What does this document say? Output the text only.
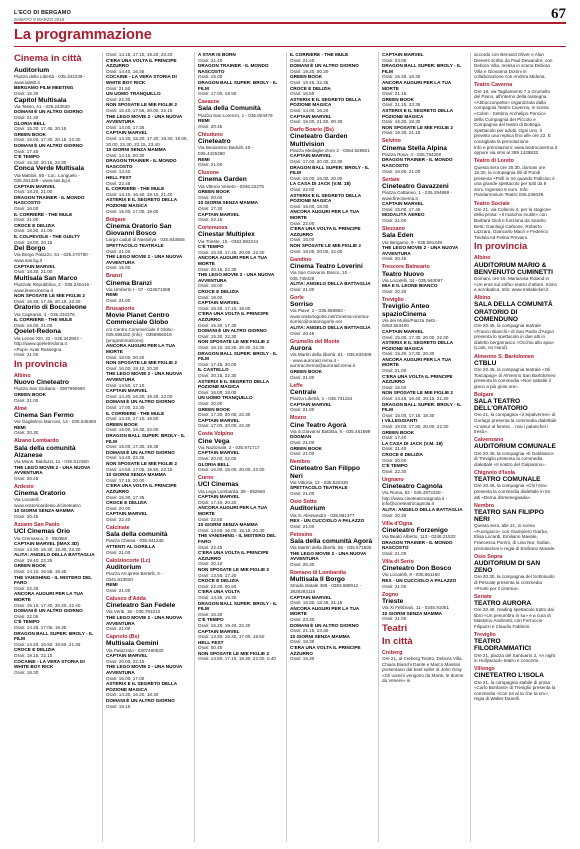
L'ECO DI BERGAMO
SABATO 9 MARZO 2019	67
La programmazione
Cinema in città
Auditorium
Piazza della Libertà - 035.342239 - www.lab80.it
BERGAMO FILM MEETING
Orari: 15.30
Capitol Multisala
Via Tasso, 41 - 035.243530
DOMANI È UN ALTRO GIORNO
Orari: 21.30
GLORIA BELL
Orari: 15.30, 17.45, 20.15
GREEN BOOK
Orari: 15.00, 17.30, 20.15, 22.30
DOMANI È UN ALTRO GIORNO
Orari: 17.45
C'È TEMPO
Orari: 15.30, 20.15, 22.30
Conca Verde Multisala
Via Mattioli, 65 - Loc. Longuelo - 035.251339 - www.sas.bg.it
CAPTAIN MARVEL
Orari: 18.20, 21.00
DRAGON TRAINER - IL MONDO NASCOSTO
Orari: 16.00
IL CORRIERE - THE MULE
Orari: 21.00
CROCE E DELIZIA
Orari: 18.30, 21.00
IL COLPEVOLE - THE GUILTY
Orari: 18.00, 20.15
Del Borgo
Via Borgo Palazzo, 51 - 035.270780 - www.sas.bg.it
CAPTAIN MARVEL
Orari: 18.30, 21.00
Multisala San Marco
Piazzale Repubblica, 2 - 035.240416 - www.lineecinema.it
NON SPOSATE LE MIE FIGLIE 2
Orari: 15.30, 17.45, 20.15, 22.30
Oratorio di Boccaleone
Via Capitanio, 4 - 035.310376
IL CORRIERE - THE MULE
Orari: 16.00, 21.00
Qoelet-Redona
Via Leone XIII, 22 - 035.343904 - http://www.qoeletredona.it
«Pupi» Avati Rassegna
Orari: 21.00
In provincia
Albino
Nuovo Cineteatro
Piazza San Giuliano - 3387990560
GREEN BOOK
Orari: 21.00
Almè
Cinema San Fermo
Via Gaglielmo Marconi, 14 - 035.545360
REMI
Orari: 20.30
Alzano Lombardo
Sala della comunità Alzanese
Via Mons. Balduzzi, 11 - 035.512360
THE LEGO MOVIE 2 - UNA NUOVA AVVENTURA
Orari: 20.45
Ardesio
Cinema Oratorio
Via Locatelli - www.oratorioardesio.it/cineteatro
10 GIORNI SENZA MAMMA
Orari: 20.45
Azzano San Paolo
UCI Cinemas Orio
Via Cremasca, 2 - 892960
CAPTAIN MARVEL (IMAX 3D)
Orari: 13.30, 16.30, 19.30, 22.30
ALITA: ANGELO DELLA BATTAGLIA
Orari: 19.40, 22.25
GREEN BOOK
Orari: 14.10, 16.55, 19.45
THE VANISHING - IL MISTERO DEL FARO
Orari: 22.35
ANCORA AUGURI PER LA TUA MORTE
Orari: 15.10, 17.40, 20.20, 22.40
DOMANI È UN ALTRO GIORNO
Orari: 22.05
C'È TEMPO
Orari: 14.25, 17.05, 19.35
DRAGON BALL SUPER: BROLY - IL FILM
Orari: 14.20, 16.50, 19.50, 21.35
CROCE E DELIZIA
Orari: 19.15, 22.10
COCAINE - LA VERA STORIA DI WHITE BOY RICK
Orari: 18.30
Orari: 14.15, 17.10, 19.20, 22.20
C'ERA UNA VOLTA IL PRINCIPE AZZURRO
Orari: 14.40, 16.45
COCAINE - LA VERA STORIA DI WHITE BOY RICK
Orari: 21.50
UN UOMO TRANQUILLO
Orari: 22.30
NON SPOSATE LE MIE FIGLIE 2
Orari: 15.40, 17.55, 20.00, 22.15
THE LEGO MOVIE 2 - UNA NUOVA AVVENTURA
Orari: 14.00, 17.25
CAPTAIN MARVEL
Orari: 14.30, 15.30, 17.30, 18.30, 19.00, 20.00, 21.30, 22.15, 23.40
10 GIORNI SENZA MAMMA
Orari: 14.15, 20.30
DRAGON TRAINER - IL MONDO NASCOSTO
Orari: 13.40
HELL FEST
Orari: 22.45
IL CORRIERE - THE MULE
Orari: 14.10, 16.40, 19.10, 21.40
ASTERIX E IL SEGRETO DELLA POZIONE MAGICA
Orari: 15.00, 17.00, 19.00
Bolgare
Cinema Oratorio San Giovanni Bosco
Largo caduti di Nassiriya - 035.843555
SPETTACOLO TEATRALE
Orari: 21.00
THE LEGO MOVIE 2 - UNA NUOVA AVVENTURA
Orari: 15.00
Branzi
Cinema Branzi
Via Umberto I - 07 - 034571088
REMI
Orari: 21.00
Brusaporto
Movie Planet Centro Commerciale Globo
c/o Centro Commerciale Il Globo - 035.695182 (info) - 0356956516 (programmazione)
ANCORA AUGURI PER LA TUA MORTE
Orari: 18.00, 20.20
NON SPOSATE LE MIE FIGLIE 2
Orari: 16.00, 18.10, 20.30
THE LEGO MOVIE 2 - UNA NUOVA AVVENTURA
Orari: 14.50, 17.10
CAPTAIN MARVEL
Orari: 14.30, 16.20, 19.20, 22.00
DOMANI È UN ALTRO GIORNO
Orari: 17.00, 22.30
IL CORRIERE - THE MULE
Orari: 14.20, 17.10, 19.50
GREEN BOOK
Orari: 15.00, 19.30, 22.00
DRAGON BALL SUPER: BROLY - IL FILM
Orari: 15.00, 17.30, 19.35
DOMANI È UN ALTRO GIORNO
Orari: 14.40, 22.25
NON SPOSATE LE MIE FIGLIE 2
Orari: 14.50, 17.05, 19.50, 22.15
10 GIORNI SENZA MAMMA
Orari: 17.15, 20.00
C'ERA UNA VOLTA IL PRINCIPE AZZURRO
Orari: 15.30, 17.35
CROCE E DELIZIA
Orari: 20.00
CAPTAIN MARVEL
Orari: 22.40
Calcinate
Sala della comunità
Piazza Chiesa - 035.841245
ATTENTI AL GORILLA
Orari: 21.00
Calolziocorte (Lc)
Auditorium
Piazza Arciprete Bertelli, 3 - 0341.633820
REMI
Orari: 21.00
Calusco d'Adda
Cineteatro San Fedele
Via Verdi, 18 - 035.791010
THE LEGO MOVIE 2 - UNA NUOVA AVVENTURA
Orari: 21.00
Capriolo (Bs)
Multisala Gemini
Via Palazzolo - 0307460530
CAPTAIN MARVEL
Orari: 20.00, 22.15
THE LEGO MOVIE 2 - UNA NUOVA AVVENTURA
Orari: 15.00, 17.00
ASTERIX E IL SEGRETO DELLA POZIONE MAGICA
Orari: 14.30, 16.20, 18.40
DOMANI È UN ALTRO GIORNO
Orari: 18.15
A STAR IS BORN
Orari: 21.40
DRAGON TRAINER - IL MONDO NASCOSTO
Orari: 15.00
DRAGON BALL SUPER: BROLY - IL FILM
Orari: 17.00, 19.50
Casazza
Sala della Comunità
Piazza San Lorenzo, 1 - 035.824479
REMI
Orari: 20.45
Chiuduno
Cineteatro
Via Beniamino Bedulli, 40 - 035.4425390
REMI
Orari: 21.00
Clusone
Cinema Garden
Via Vittorio Veneto - 0346.22275
GREEN BOOK
Orari: 20.00
10 GIORNI SENZA MAMMA
Orari: 17.30
CAPTAIN MARVEL
Orari: 22.15
Cortenuova
Cinestar Multiplex
Via Trieste, 15 - 0363.992244
C'È TEMPO
Orari: 15.30, 17.45, 20.00, 22.30
ANCORA AUGURI PER LA TUA MORTE
Orari: 20.15, 22.30
THE LEGO MOVIE 2 - UNA NUOVA AVVENTURA
Orari: 16.00
CROCE E DELIZIA
Orari: 18.00
CAPTAIN MARVEL
Orari: 16.30, 17.15, 19.00
C'ERA UNA VOLTA IL PRINCIPE AZZURRO
Orari: 15.30, 17.30
DOMANI È UN ALTRO GIORNO
Orari: 15.30, 22.30
NON SPOSATE LE MIE FIGLIE 2
Orari: 16.10, 18.25, 20.30, 22.35
DRAGON BALL SUPER: BROLY - IL FILM
Orari: 17.45, 20.00
IL CASTELLO
Orari: 20.15, 22.30
ASTERIX E IL SEGRETO DELLA POZIONE MAGICA
Orari: 16.00, 18.00
UN UOMO TRANQUILLO
Orari: 20.00
GREEN BOOK
Orari: 17.30, 20.00, 22.30
CAPTAIN MARVEL
Orari: 17.00, 20.00, 22.30
Costa Volpino
Cine Vega
Via Nazionale, 2 - 035.971717
CAPTAIN MARVEL
Orari: 20.00, 22.00
GLORIA BELL
Orari: 16.00, 18.00, 20.00, 22.00
Curno
UCI Cinemas
Via Lega Lombarda, 39 - 892960
CAPTAIN MARVEL
Orari: 17.40, 20.20
ANCORA AUGURI PER LA TUA MORTE
Orari: 22.50
10 GIORNI SENZA MAMMA
Orari: 13.50, 16.00, 18.15, 20.30
THE VANISHING - IL MISTERO DEL FARO
Orari: 22.45
C'ERA UNA VOLTA IL PRINCIPE AZZURRO
Orari: 20.10
NON SPOSATE LE MIE FIGLIE 2
Orari: 13.55, 17.20
CROCE E DELIZIA
Orari: 22.30, 00.50
C'ERA UNA VOLTA
Orari: 14.35, 19.30
DRAGON BALL SUPER: BROLY - IL FILM
Orari: 16.30
C'È TEMPO
Orari: 16.20, 19.40, 22.20
CAPTAIN MARVEL
Orari: 13.30, 16.40, 17.00, 19.50
HELL FEST
Orari: 00.45
NON SPOSATE LE MIE FIGLIE 2
Orari: 14.50, 17.10, 19.30, 22.00, 0.40
IL CORRIERE - THE MULE
Orari: 21.40
DOMANI È UN ALTRO GIORNO
Orari: 19.20, 00.20
GREEN BOOK
Orari: 19.45, 22.35
CROCE E DELIZIA
Orari: 16.50
ASTERIX E IL SEGRETO DELLA POZIONE MAGICA
Orari: 14.00, 16.20
CAPTAIN MARVEL
Orari: 19.00, 21.50, 00.30
Darfo Boario (Bs)
Cineteatro Garden Multivision
Piazza Medaglie d'oro 2 - 0364.529501
CAPTAIN MARVEL
Orari: 17.00, 20.00, 22.30
DRAGON BALL SUPER: BROLY - IL FILM
Orari: 16.00, 18.00, 20.00
LA CASA DI JACK (V.M. 18)
Orari: 22.00
ASTERIX E IL SEGRETO DELLA POZIONE MAGICA
Orari: 16.00, 18.00
ANCORA AUGURI PER LA TUA MORTE
Orari: 22.00
C'ERA UNA VOLTA IL PRINCIPE AZZURRO
Orari: 16.00
NON SPOSATE LE MIE FIGLIE 2
Orari: 18.00, 20.00, 22.00
Gandino
Cinema Teatro Loverini
Via San Giovanni Bosco, 10 - 035.745425
ALITA: ANGELO DELLA BATTAGLIA
Orari: 21.00
Gorle
Sorriso
Via Piave, 2 - 035.656962 - www.oratoriogorle.net/Cinema-cinema-sorriso@oratoriogorle.net
ALITA: ANGELO DELLA BATTAGLIA
Orari: 20.45
Grumello del Monte
Aurora
Via Martiri della libertà, 61 - 035.833408 - www.auroraid.rema.it - auroracinema@auroraid.rema.it
GREEN BOOK
Orari: 21.00
Leffe
Centrale
Piazza Libertà, 1 - 035.731154
CAPTAIN MARVEL
Orari: 21.00
Mozzo
Cine Teatro Agorà
Via S.Giovanni Battista, 6 - 035.461699
DOGMAN
Orari: 21.00
GREEN BOOK
Orari: 21.00
Nembro
Cineteatro San Filippo Neri
Via Vittoria, 12 - 035.520430
SPETTACOLO TEATRALE
Orari: 21.00
Osio Sotto
Auditorium
Via S. Alessandro - 035.881377
REX - UN CUCCIOLO A PALAZZO
Orari: 21.00
Petosino
Sala della comunità Agorà
Via Martiri della libertà, 95 - 035.571536
THE LEGO MOVIE 2 - UNA NUOVA AVVENTURA
Orari: 20.30
Romano di Lombardia
Multisala Il Borgo
Strada statale 498 - 0363.688012 - 3928293116
CAPTAIN MARVEL
Orari: 16.30, 18.45, 21.15
ANCORA AUGURI PER LA TUA MORTE
Orari: 23.30
DOMANI È UN ALTRO GIORNO
Orari: 21.15, 23.30
10 GIORNI SENZA MAMMA
Orari: 18.30
C'ERA UNA VOLTA IL PRINCIPE AZZURRO
Orari: 16.30
CAPTAIN MARVEL
Orari: 23.05
DRAGON BALL SUPER: BROLY - IL FILM
Orari: 16.30, 18.30
ANCORA AUGURI PER LA TUA MORTE
Orari: 21.15
GREEN BOOK
Orari: 21.15, 23.35
ASTERIX E IL SEGRETO DELLA POZIONE MAGICA
Orari: 16.30, 18.30
NON SPOSATE LE MIE FIGLIE 2
Orari: 16.30, 21.15
Selvino
Cinema Stella Alpina
Piazza Rosa, 4 - 035.764250
DRAGON TRAINER - IL MONDO NASCOSTO
Orari: 16.00, 21.00
Seriate
Cineteatro Gavazzeni
Piazza Cattaneo, 1 - 035.294868 - www.firecinema.it
CAPTAIN MARVEL
Orari: 15.00, 17.45
MODALITÀ AEREO
Orari: 21.00
Stezzano
Sala Eden
Via Bergamo, 9 - 035.591449
THE LEGO MOVIE 2 - UNA NUOVA AVVENTURA
Orari: 20.45
Trescore Balneario
Teatro Nuovo
Via Locatelli, 34 - 035.940097
MIA E IL LEONE BIANCO
Orari: 20.30
Treviglio
Treviglio Anteo spazioCinema
Via dei Mulini/Piazza Setti - 0363.563400
CAPTAIN MARVEL
Orari: 15.00, 17.30, 20.00, 22.30
ASTERIX E IL SEGRETO DELLA POZIONE MAGICA
Orari: 15.30, 17.30, 20.30
ANCORA AUGURI PER LA TUA MORTE
Orari: 21.00
C'ERA UNA VOLTA IL PRINCIPE AZZURRO
Orari: 15.00
NON SPOSATE LE MIE FIGLIE 2
Orari: 14.45, 16.40, 20.15, 21.30
DRAGON BALL SUPER: BROLY - IL FILM
Orari: 15.00, 17.15, 19.30
I VILLEGGIANTI
Orari: 15.00, 17.30, 20.00, 22.30
GREEN BOOK
Orari: 17.40
LA CASA DI JACK (V.M. 18)
Orari: 21.40
CROCE E DELIZIA
Orari: 20.00
C'È TEMPO
Orari: 22.30
Urgnano
Cineteatro Cagnola
Via Roma, 82 - 035.4872228 - http://www.cineteatrocagnola.it - info@cineteatrocagnola.it
ALITA: ANGELO DELLA BATTAGLIA
Orari: 20.30
Villa d'Ogna
Cineteatro Forzenigo
Via Beato Alberto, 113 - 0346.21532
DRAGON TRAINER - IL MONDO NASCOSTO
Orari: 21.00
Villa di Serio
Cineteatro Don Bosco
Via Locatelli, 9 - 035.661160
REX - UN CUCCIOLO A PALAZZO
Orari: 21.00
Zogno
Trieste
Via Xi Febbraio, 11 - 0345.91051
10 GIORNI SENZA MAMMA
Orari: 21.00
Teatri
In città
Creberg
Ore 21, al Creberg Teatro, Debora Villa, Chiara Bianchi Dante e Marco Massini presentano dal best seller di John Gray «Gli uomini vengono da Marte, le donne da Venere» in
accordo con Bernard Oliver e Alan Dieners scritto da Paul Dewandre, con Debora Villa, messa in scena Debora Villa e Giovanna Donini in collaborazione con Andrea Midena.
Teatro Caverna
Ore 18, via Tagliamento 7 a Grumello del Piano, all'interno della rassegna «Abbocconpetto» organizzata dalla compagnia Teatro Caverna, in scena «Colori - Settimo Archelipo Poncio» della Compagnia del Piccolo e Compagnia del teatro di Bottega. Spettacolo per adulti. Ogni uno, è previsto una replica fino alle ore 22. È consigliata la prenotazione.
Info e prenotazioni: www.teatrocaverna.it oppure via sms al 389 1428833
Teatro di Loreto
Questa sera ore 20.30, domani ore 16.30, la compagnia Ilsi di Pondi presenta «Polli in tre quando Pollicino è una grande spettacolo per tutti da 8 anni. Ingresso 8 euro. Info: Pandamonium Teatro 035.235039.
Teatro Sociale
Ore 21, via Colleoni 4, per la stagione della prosa: «Il maschio inutile» con Barbara Gioli e funziona da Sandro Berti, Gianluigi Carbone, Roberto Lazzara, Giancarlo Macri e Federico Tiedola ed Felina Previani.
In provincia
Albino
AUDITORIUM MARIO & BENVENUTO CUMINETTI
Domani, ore 16, Mariarosa Roland in «Un eroe sul soffa» teatro d'attore, mimo e acrobatica. Info: www.melabicket.it
Albino
SALA DELLA COMUNITÀ ORATORIO DI COMENDUNO
Ore 20.45, la compagnia teatrale «Franco Bianchi» di San Paolo d'Argon presenta lo spettacolo in due atti in dialetto bergamasco «Occhio allo spia» (Look, no Hand).
Almenno S. Bartolomeo
CTBLU
Ore 20.45, la compagnia teatrale «Gli Toscapagi» di Almenno San Bartolomeo presenta la commedia «Non sabaliè il gioco a più gioie ora».
Bolgare
SALA TEATRO DELL'ORATORIO
Ore 21, la compagnia «il Sipalverme» di Gorlago presenta la commedia dialettale «L'amur al fenesc... mai i palanchei i tresò».
Calvenzano
AUDITORIUM COMUNALE
Ore 20.45, la compagnia «Il Gabbiano» di Treviglio presenta la commedia dialettale «Il nostro del Galpanino».
Chignolo d'Isola
TEATRO COMUNALE
Ore 20.45, la compagnia «Chi l'era» presenta la commedia dialettale in tre atti «Dema dismenegaada».
Nembro
TEATRO SAN FILIPPO NERI
Questa sera, alle 21, in scena «Fuorigioco» con Giampiero Giarba, Elisa Locardi, Emiliano Mavale, Francesca Porrini, di Lisa Nur. Sullan, prenotazioni e regia di Emiliano Mavale.
Osio Sopra
AUDITORIUM DI SAN ZENO
Ore 20.30, la compagnia del Sottosuolo di Pescate presenta la commedia «Pronti per il cinema».
Seriate
TEATRO AURORA
Ore 20.45, reading spettacolo tratto dal libro «Un penombra in su» e a cura di Massimo Andreotti, con Ferruccio Filipazzi e Claudio Fabbrini.
Treviglio
TEATRO FILODRAMMATICI
Ore 21, piazza del Santuario 3, «A night in Hollywood» teatro e concerto.
Villongo
CINETEATRO L'ISOLA
Ore 21, la compagnia stabile di prosa «Carlo Bonfanti» di Treviglio presenta la commedia «Con tot al ta che ta orv», regia di Walter Danelli.
